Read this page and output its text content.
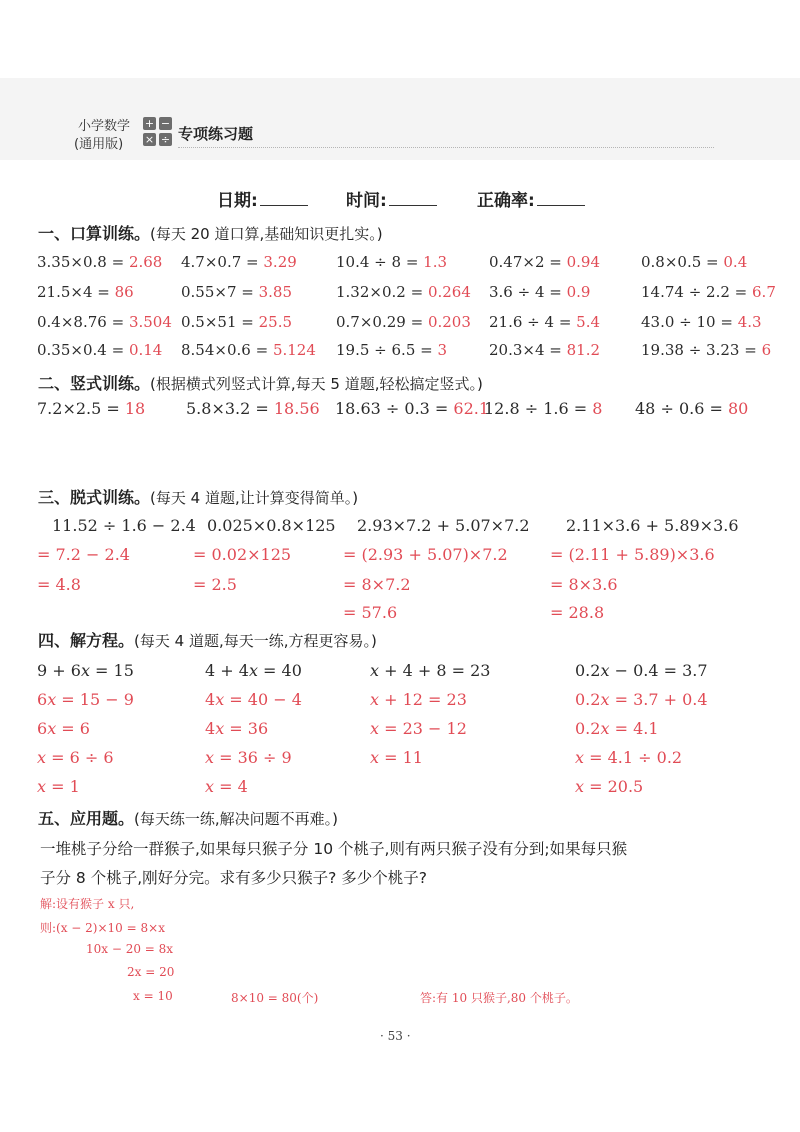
小学数学
(通用版)
+ −
× ÷ 专项练习题
日期:	时间:	正确率:
一、口算训练。(每天 20 道口算,基础知识更扎实。)
3.35×0.8 = 2.68 4.7×0.7 = 3.29	10.4 ÷ 8 = 1.3	0.47×2 = 0.94	0.8×0.5 = 0.4
21.5×4 = 86	0.55×7 = 3.85	1.32×0.2 = 0.264 3.6 ÷ 4 = 0.9	14.74 ÷ 2.2 = 6.7
0.4×8.76 = 3.504 0.5×51 = 25.5	0.7×0.29 = 0.203 21.6 ÷ 4 = 5.4	43.0 ÷ 10 = 4.3
0.35×0.4 = 0.14 8.54×0.6 = 5.124 19.5 ÷ 6.5 = 3	20.3×4 = 81.2	19.38 ÷ 3.23 = 6
二、竖式训练。(根据横式列竖式计算,每天 5 道题,轻松搞定竖式。)
7.2×2.5 = 18	5.8×3.2 = 18.56 18.63 ÷ 0.3 = 62.1
12.8 ÷ 1.6 = 8 48 ÷ 0.6 = 80
三、脱式训练。(每天 4 道题,让计算变得简单。)
11.52 ÷ 1.6 − 2.4
= 7.2 − 2.4
= 4.8
0.025×0.8×125
= 0.02×125
= 2.5
2.93×7.2 + 5.07×7.2
= (2.93 + 5.07)×7.2
= 8×7.2
= 57.6
2.11×3.6 + 5.89×3.6
= (2.11 + 5.89)×3.6
= 8×3.6
= 28.8
四、解方程。(每天 4 道题,每天一练,方程更容易。)
9 + 6x = 15
6x = 15 − 9
6x = 6
x = 6 ÷ 6
x = 1
4 + 4x = 40
4x = 40 − 4
4x = 36
x = 36 ÷ 9
x = 4
x + 4 + 8 = 23
x + 12 = 23
x = 23 − 12
x = 11
0.2x − 0.4 = 3.7
0.2x = 3.7 + 0.4
0.2x = 4.1
x = 4.1 ÷ 0.2
x = 20.5
五、应用题。(每天练一练,解决问题不再难。)
一堆桃子分给一群猴子,如果每只猴子分 10 个桃子,则有两只猴子没有分到;如果每只猴
子分 8 个桃子,刚好分完。求有多少只猴子? 多少个桃子?
解:设有猴子 x 只,
则:(x − 2)×10 = 8×x
10x − 20 = 8x
2x = 20
x = 10	8×10 = 80(个)	答:有 10 只猴子,80 个桃子。
· 53 ·
